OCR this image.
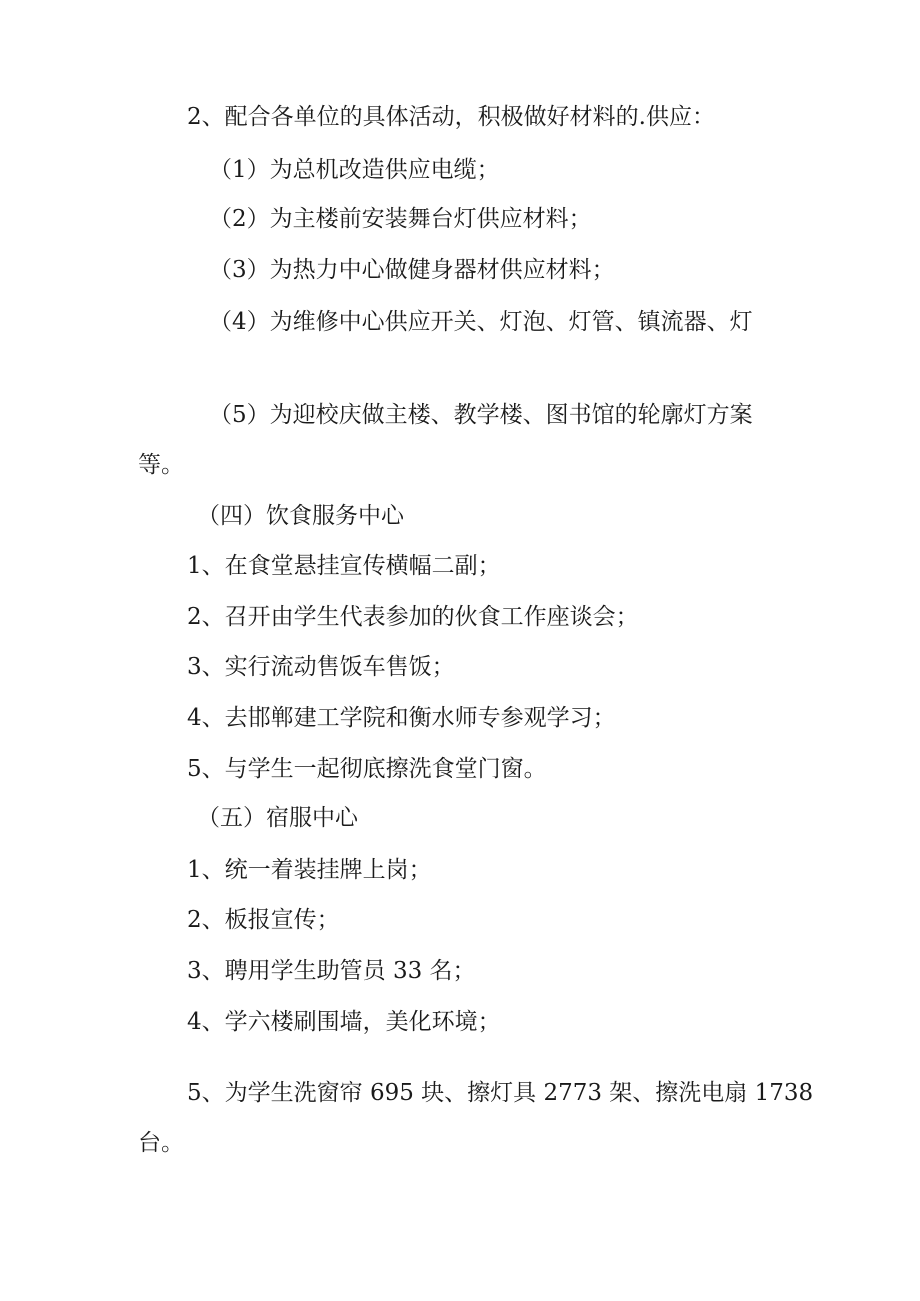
2、配合各单位的具体活动，积极做好材料的.供应：

（1）为总机改造供应电缆；

（2）为主楼前安装舞台灯供应材料；

（3）为热力中心做健身器材供应材料；

（4）为维修中心供应开关、灯泡、灯管、镇流器、灯

（5）为迎校庆做主楼、教学楼、图书馆的轮廓灯方案

等。

（四）饮食服务中心

1、在食堂悬挂宣传横幅二副；

2、召开由学生代表参加的伙食工作座谈会；

3、实行流动售饭车售饭；

4、去邯郸建工学院和衡水师专参观学习；

5、与学生一起彻底擦洗食堂门窗。

（五）宿服中心

1、统一着装挂牌上岗；

2、板报宣传；

3、聘用学生助管员 33 名；

4、学六楼刷围墙，美化环境；

5、为学生洗窗帘 695 块、擦灯具 2773 架、擦洗电扇 1738

台。
